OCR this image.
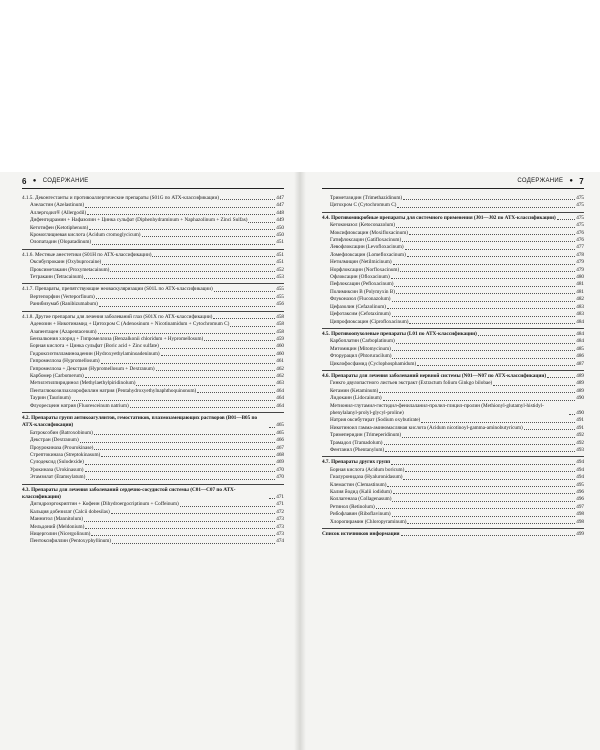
6 ● СОДЕРЖАНИЕ
4.1.5. Деконгестанты и противоаллергические препараты (S01G по ATX-классификации)	447
Азеластин (Azelastinum)	447
Аллергодил® (Allergodil)	448
Дифенгидрамин + Нафазолин + Цинка сульфат (Diphenhydraminum + Naphazolinum + Zinci Sulfas)	449
Кетотифен (Ketotiphenum)	450
Кромоглициевая кислота (Acidum cromoglycicum)	450
Олопатадин (Olopatadinum)	451
4.1.6. Местные анестетики (S01H по ATX-классификации)	451
Оксибупрокаин (Oxybuprocaine)	451
Проксиметакаин (Proxymetacainum)	452
Тетракаин (Tetracainum)	453
4.1.7. Препараты, препятствующие неоваскуляризации (S01L по ATX-классификации)	455
Вертепорфин (Verteporfinum)	455
Ранибизумаб (Ranibizumabum)	456
4.1.8. Другие препараты для лечения заболеваний глаз (S01X по ATX-классификации)	458
Аденозин + Никотинамид + Цитохром С (Adenosinum + Nicotinamidum + Cytochromum C)	458
Азапентацен (Azapentacenum)	458
Бензалкония хлорид + Гипромеллоза (Benzalkonii chloridum + Hypromellosum)	459
Борная кислота + Цинка сульфат (Boric acid + Zinc sulfate)	460
Гидроксиэтилламиноаденин (Hydroxyethylaminoadeninum)	460
Гипромеллоза (Hypromellosum)	461
Гипромеллоза + Декстран (Hypromellosum + Dextranum)	462
Карбомер (Carbomerum)	462
Метилэтилпиридинол (Methylaethylpiridinolum)	463
Пентаглюкозилзахлорофиллин натрия (Pentahydroxyethylnaphthoquinonum)	464
Таурин (Taurinum)	464
Флуоресцеин натрия (Fluoresceinum natrium)	464
4.2. Препараты групп антикоагулянтов, гемостатиков, плазмозамещающих растворов (B01—B05 по ATX-классификации)	465
Батроксобин (Batroxobinum)	465
Декстран (Dextranum)	466
Проурокиназа (Prourokinase)	467
Стрептокиназа (Streptokinasum)	468
Сулодексид (Sulodexide)	469
Урокиназа (Urokinasum)	470
Этамзилат (Etamsylatum)	470
4.3. Препараты для лечения заболеваний сердечно-сосудистой системы (C01—C07 по ATX-классификации)	471
Дигидроэргокриптин + Кофеин (Dihydroergocriptinum + Coffeinum)	471
Кальция добезилат (Calcii dobesilas)	472
Маннитол (Mannitolum)	473
Мельдоний (Meldonium)	473
Ницерголин (Nicergolinum)	473
Пентоксифиллин (Pentoxyphyllinum)	474
СОДЕРЖАНИЕ ● 7
Триметазидин (Trimethazidinum)	475
Цитохром С (Cytochromum C)	475
4.4. Противомикробные препараты для системного применения (J01—J02 по ATX-классификации)	475
Кетоконазол (Ketoconazolum)	475
Моксифлоксацин (Moxifloxacinum)	476
Гатифлоксацин (Gatifloxacinum)	476
Левофлоксацин (Levofloxacinum)	477
Ломефлоксацин (Lomefloxacinum)	478
Нетилмицин (Netilmicinum)	479
Норфлоксацин (Norfloxacinum)	479
Офлоксацин (Ofloxacinum)	480
Пефлоксацин (Pefloxacinum)	481
Полимиксин В (Polymyxin B)	481
Флуконазол (Fluconazolum)	482
Цефазолин (Cefazolinum)	483
Цефотаксим (Cefotaximum)	483
Ципрофлоксацин (Ciprofloxacinum)	484
4.5. Противоопухолевые препараты (L01 по ATX-классификации)	484
Карбоплатин (Carboplatinum)	484
Митомицин (Mitomycinum)	485
Фторурацил (Phtoruracilum)	486
Циклофосфамид (Cyclophosphamidum)	487
4.6. Препараты для лечения заболеваний нервной системы (N01—N07 по ATX-классификации)	489
Гинкго двулопастного листьев экстракт (Extractum folium Ginkgo bilobae)	489
Кетамин (Ketaminum)	489
Лидокаин (Lidocainum)	490
Метионил-глутамил-гистидил-фенилаланил-пролил-глицил-пролин (Methionyl-glutamyl-histidyl-phenylalanyl-prolyl-glycyl-proline)	490
Натрия оксибутират (Sodium oxybutirate)	491
Никотиноил гамма-аминомасляная кислота (Acidum nicotinoyl-gamma-aminobutyricum)	491
Тримеперидин (Trimeperidinum)	492
Трамадол (Tramadolum)	492
Фентанил (Phentanylum)	493
4.7. Препараты других групп	494
Борная кислота (Acidum boricum)	494
Гиалуронидаза (Hyaluronidasum)	494
Клемастин (Clemastinum)	495
Калия йодид (Kalii iodidum)	496
Коллагеназа (Collagenasum)	496
Ретинол (Retinolum)	497
Рибофлавин (Riboflavinum)	498
Хлоропирамин (Chloropyraminum)	498
Список источников информации	499
